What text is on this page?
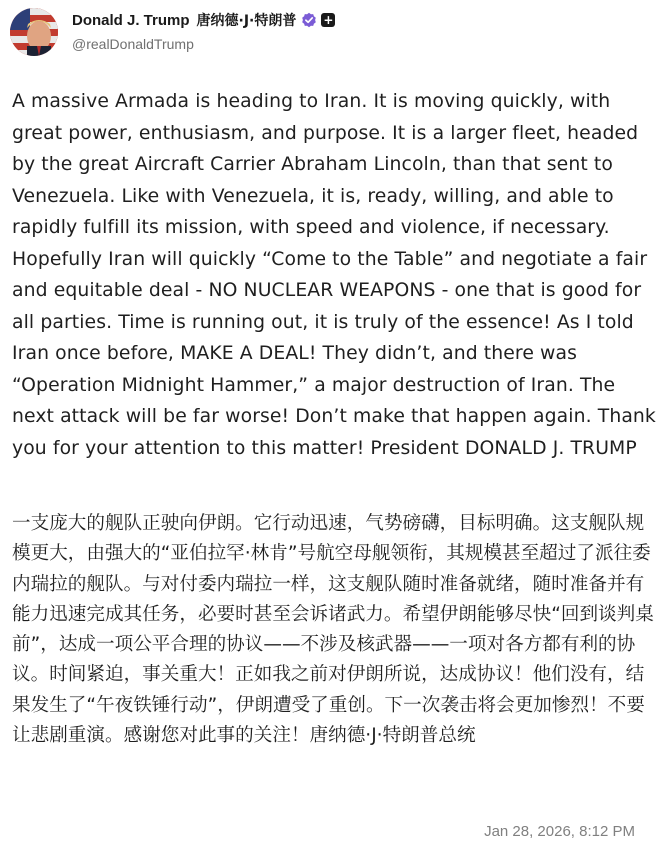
Donald J. Trump 唐纳德·J·特朗普 +
@realDonaldTrump

A massive Armada is heading to Iran. It is moving quickly, with great power, enthusiasm, and purpose. It is a larger fleet, headed by the great Aircraft Carrier Abraham Lincoln, than that sent to Venezuela. Like with Venezuela, it is, ready, willing, and able to rapidly fulfill its mission, with speed and violence, if necessary. Hopefully Iran will quickly “Come to the Table” and negotiate a fair and equitable deal - NO NUCLEAR WEAPONS - one that is good for all parties. Time is running out, it is truly of the essence! As I told Iran once before, MAKE A DEAL! They didn’t, and there was “Operation Midnight Hammer,” a major destruction of Iran. The next attack will be far worse! Don’t make that happen again. Thank you for your attention to this matter! President DONALD J. TRUMP

一支庞大的舰队正驶向伊朗。它行动迅速，气势磅礴，目标明确。这支舰队规模更大，由强大的“亚伯拉罕·林肯”号航空母舰领衔，其规模甚至超过了派往委内瑞拉的舰队。与对付委内瑞拉一样，这支舰队随时准备就绪，随时准备并有能力迅速完成其任务，必要时甚至会诉诸武力。希望伊朗能够尽快“回到谈判桌前”，达成一项公平合理的协议——不涉及核武器——一项对各方都有利的协议。时间紧迫，事关重大！正如我之前对伊朗所说，达成协议！他们没有，结果发生了“午夜铁锤行动”，伊朗遭受了重创。下一次袭击将会更加惨烈！不要让悲剧重演。感谢您对此事的关注！唐纳德·J·特朗普总统

Jan 28, 2026, 8:12 PM
